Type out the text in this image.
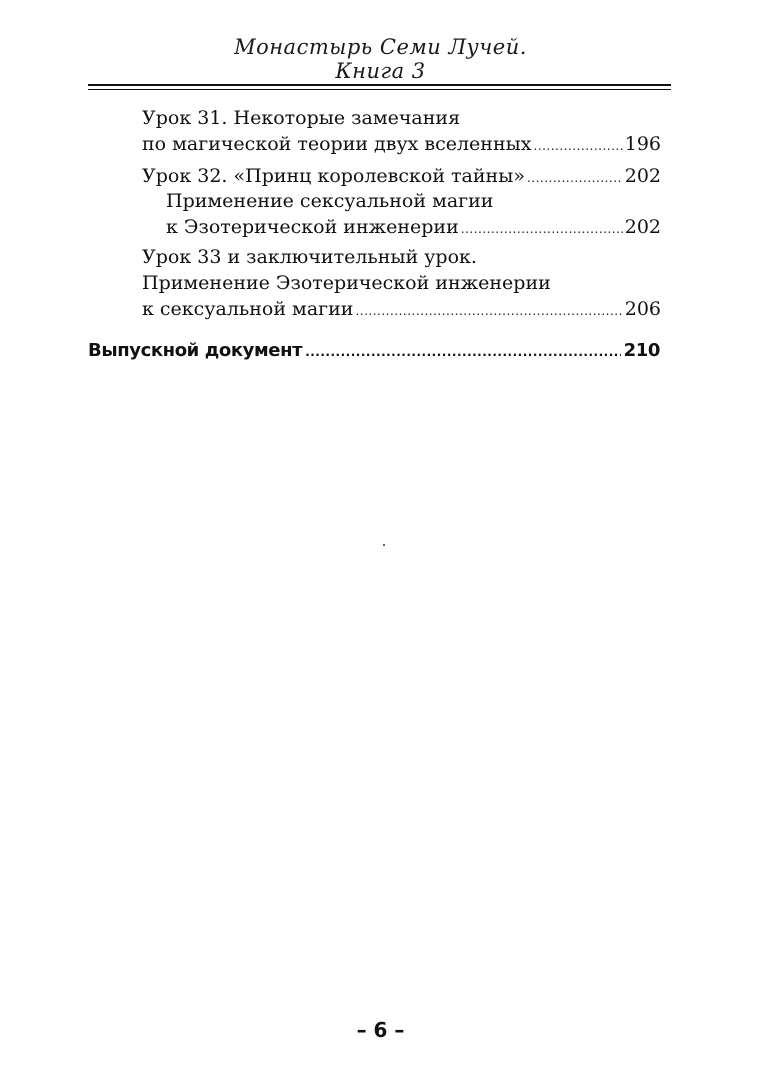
Монастырь Семи Лучей.
Книга 3
Урок 31. Некоторые замечания
по магической теории двух вселенных .....	196
Урок 32. «Принц королевской тайны» .....	202
Применение сексуальной магии
к Эзотерической инженерии .....	202
Урок 33 и заключительный урок.
Применение Эзотерической инженерии
к сексуальной магии .....	206
Выпускной документ .....	210
– 6 –
